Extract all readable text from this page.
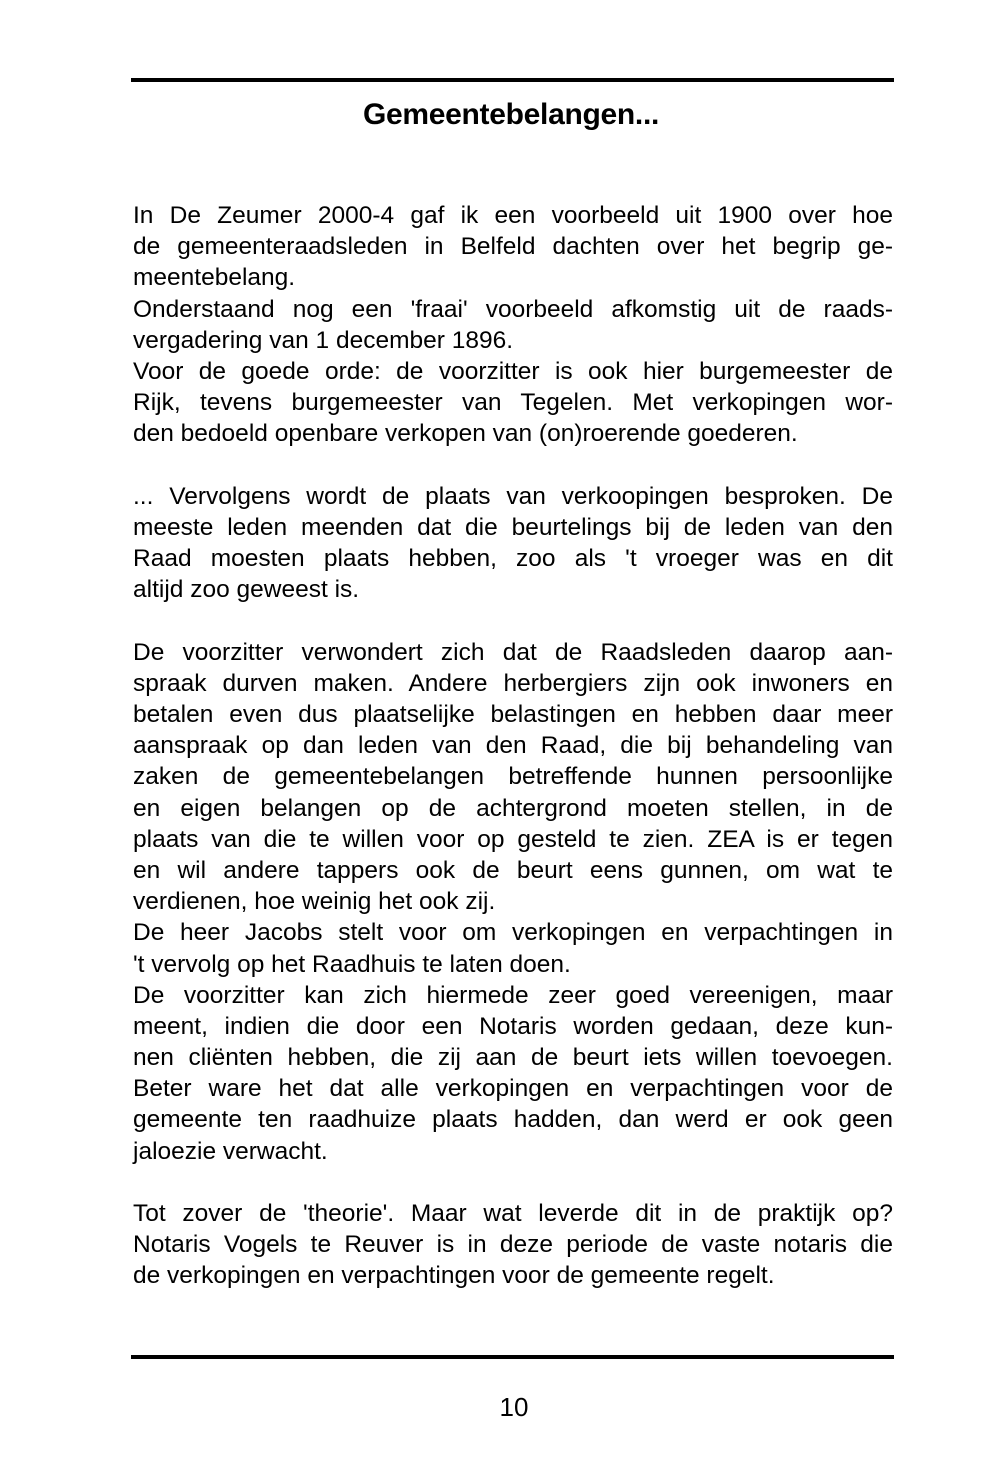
Gemeentebelangen...

In De Zeumer 2000-4 gaf ik een voorbeeld uit 1900 over hoe
de gemeenteraadsleden in Belfeld dachten over het begrip ge-
meentebelang.

Onderstaand nog een 'fraai' voorbeeld afkomstig uit de raads-
vergadering van 1 december 1896.

Voor de goede orde: de voorzitter is ook hier burgemeester de
Rijk, tevens burgemeester van Tegelen. Met verkopingen wor-
den bedoeld openbare verkopen van (on)roerende goederen.

... Vervolgens wordt de plaats van verkoopingen besproken. De
meeste leden meenden dat die beurtelings bij de leden van den
Raad moesten plaats hebben, zoo als 't vroeger was en dit
altijd zoo geweest is.

De voorzitter verwondert zich dat de Raadsleden daarop aan-
spraak durven maken. Andere herbergiers zijn ook inwoners en
betalen even dus plaatselijke belastingen en hebben daar meer
aanspraak op dan leden van den Raad, die bij behandeling van
zaken de gemeentebelangen betreffende hunnen persoonlijke
en eigen belangen op de achtergrond moeten stellen, in de
plaats van die te willen voor op gesteld te zien. ZEA is er tegen
en wil andere tappers ook de beurt eens gunnen, om wat te
verdienen, hoe weinig het ook zij.

De heer Jacobs stelt voor om verkopingen en verpachtingen in
't vervolg op het Raadhuis te laten doen.

De voorzitter kan zich hiermede zeer goed vereenigen, maar
meent, indien die door een Notaris worden gedaan, deze kun-
nen cliënten hebben, die zij aan de beurt iets willen toevoegen.
Beter ware het dat alle verkopingen en verpachtingen voor de
gemeente ten raadhuize plaats hadden, dan werd er ook geen
jaloezie verwacht.

Tot zover de 'theorie'. Maar wat leverde dit in de praktijk op?
Notaris Vogels te Reuver is in deze periode de vaste notaris die
de verkopingen en verpachtingen voor de gemeente regelt.

10
